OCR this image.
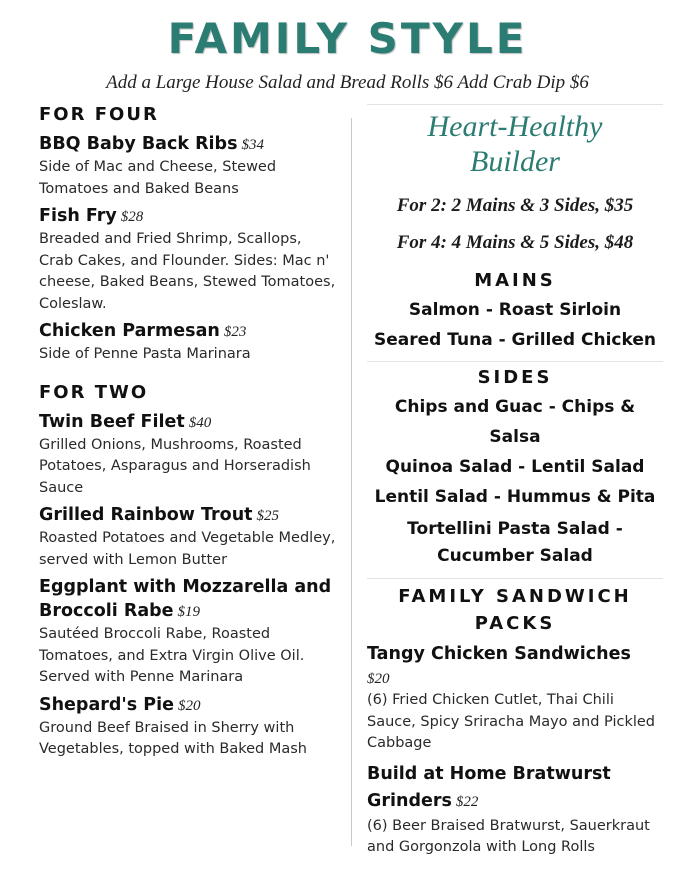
FAMILY STYLE
Add a Large House Salad and Bread Rolls $6 Add Crab Dip $6
FOR FOUR
BBQ Baby Back Ribs $34
Side of Mac and Cheese, Stewed Tomatoes and Baked Beans
Fish Fry $28
Breaded and Fried Shrimp, Scallops, Crab Cakes, and Flounder. Sides: Mac n' cheese, Baked Beans, Stewed Tomatoes, Coleslaw.
Chicken Parmesan $23
Side of Penne Pasta Marinara
FOR TWO
Twin Beef Filet $40
Grilled Onions, Mushrooms, Roasted Potatoes, Asparagus and Horseradish Sauce
Grilled Rainbow Trout $25
Roasted Potatoes and Vegetable Medley, served with Lemon Butter
Eggplant with Mozzarella and Broccoli Rabe $19
Sautéed Broccoli Rabe, Roasted Tomatoes, and Extra Virgin Olive Oil. Served with Penne Marinara
Shepard's Pie $20
Ground Beef Braised in Sherry with Vegetables, topped with Baked Mash
Heart-Healthy
Builder
For 2: 2 Mains & 3 Sides, $35
For 4: 4 Mains & 5 Sides, $48
MAINS
Salmon - Roast Sirloin
Seared Tuna - Grilled Chicken
SIDES
Chips and Guac - Chips & Salsa
Quinoa Salad - Lentil Salad
Lentil Salad - Hummus & Pita
Tortellini Pasta Salad -
Cucumber Salad
FAMILY SANDWICH
PACKS
Tangy Chicken Sandwiches
$20
(6) Fried Chicken Cutlet, Thai Chili Sauce, Spicy Sriracha Mayo and Pickled Cabbage
Build at Home Bratwurst
Grinders $22
(6) Beer Braised Bratwurst, Sauerkraut and Gorgonzola with Long Rolls
